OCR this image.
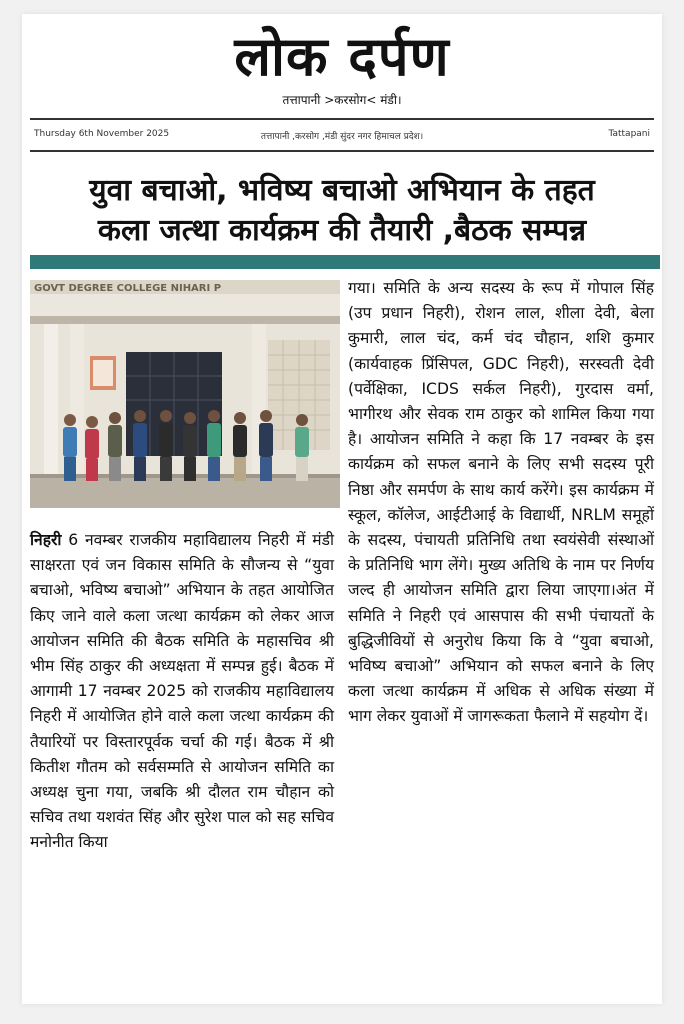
लोक दर्पण
तत्तापानी >करसोग< मंडी।
Thursday 6th November 2025	तत्तापानी ,करसोग ,मंडी सुंदर नगर हिमाचल प्रदेश।	Tattapani
युवा बचाओ, भविष्य बचाओ अभियान के तहत
कला जत्था कार्यक्रम की तैयारी ,बैठक सम्पन्न
GOVT DEGREE COLLEGE NIHARI P

निहरी 6 नवम्बर राजकीय महाविद्यालय निहरी में मंडी साक्षरता एवं जन विकास समिति के सौजन्य से “युवा बचाओ, भविष्य बचाओ” अभियान के तहत आयोजित किए जाने वाले कला जत्था कार्यक्रम को लेकर आज आयोजन समिति की बैठक समिति के महासचिव श्री भीम सिंह ठाकुर की अध्यक्षता में सम्पन्न हुई। बैठक में आगामी 17 नवम्बर 2025 को राजकीय महाविद्यालय निहरी में आयोजित होने वाले कला जत्था कार्यक्रम की तैयारियों पर विस्तारपूर्वक चर्चा की गई। बैठक में श्री कितीश गौतम को सर्वसम्मति से आयोजन समिति का अध्यक्ष चुना गया, जबकि श्री दौलत राम चौहान को सचिव तथा यशवंत सिंह और सुरेश पाल को सह सचिव मनोनीत किया

गया। समिति के अन्य सदस्य के रूप में गोपाल सिंह (उप प्रधान निहरी), रोशन लाल, शीला देवी, बेला कुमारी, लाल चंद, कर्म चंद चौहान, शशि कुमार (कार्यवाहक प्रिंसिपल, GDC निहरी), सरस्वती देवी (पर्वेक्षिका, ICDS सर्कल निहरी), गुरदास वर्मा, भागीरथ और सेवक राम ठाकुर को शामिल किया गया है। आयोजन समिति ने कहा कि 17 नवम्बर के इस कार्यक्रम को सफल बनाने के लिए सभी सदस्य पूरी निष्ठा और समर्पण के साथ कार्य करेंगे। इस कार्यक्रम में स्कूल, कॉलेज, आईटीआई के विद्यार्थी, NRLM समूहों के सदस्य, पंचायती प्रतिनिधि तथा स्वयंसेवी संस्थाओं के प्रतिनिधि भाग लेंगे। मुख्य अतिथि के नाम पर निर्णय जल्द ही आयोजन समिति द्वारा लिया जाएगा।अंत में समिति ने निहरी एवं आसपास की सभी पंचायतों के बुद्धिजीवियों से अनुरोध किया कि वे “युवा बचाओ, भविष्य बचाओ” अभियान को सफल बनाने के लिए कला जत्था कार्यक्रम में अधिक से अधिक संख्या में भाग लेकर युवाओं में जागरूकता फैलाने में सहयोग दें।
